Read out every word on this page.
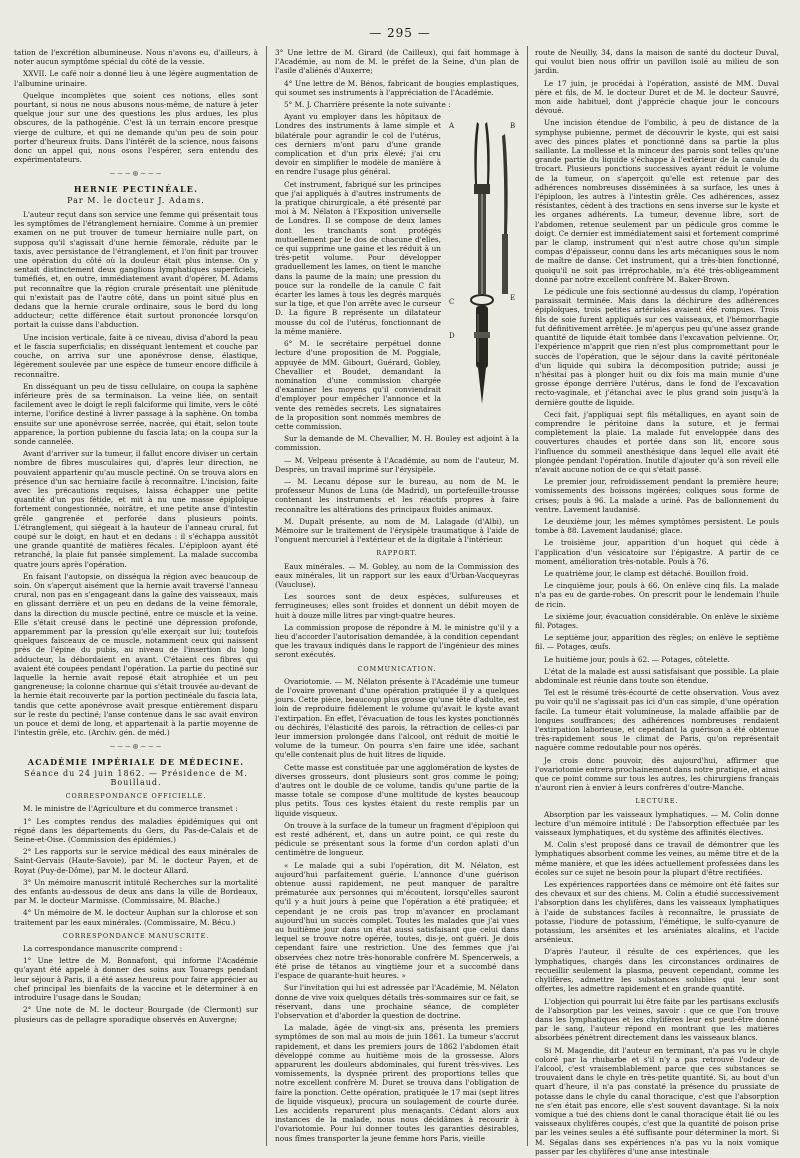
— 295 —

tation de l'excrétion albumineuse. Nous n'avons eu, d'ailleurs, à noter aucun symptôme spécial du côté de la vessie.

XXVII. Le café noir a donné lieu à une légère augmentation de l'albumine urinaire.

Quelque incomplètes que soient ces notions, elles sont pourtant, si nous ne nous abusons nous-même, de nature à jeter quelque jour sur une des questions les plus ardues, les plus obscures, de la pathogénie. C'est là un terrain encore presque vierge de culture, et qui ne demande qu'un peu de soin pour porter d'heureux fruits. Dans l'intérêt de la science, nous faisons donc un appel qui, nous osons l'espérer, sera entendu des expérimentateurs.

∼∼∼⊛∼∼∼
HERNIE PECTINÉALE.
Par M. le docteur J. Adams.

L'auteur reçut dans son service une femme qui présentait tous les symptômes de l'étranglement herniaire. Comme à un premier examen on ne put trouver de tumeur herniaire nulle part, on supposa qu'il s'agissait d'une hernie fémorale, réduite par le taxis, avec persistance de l'étranglement, et l'on finit par trouver une opération du côté où la douleur était plus intense. On y sentait distinctement deux ganglions lymphatiques superficiels, tuméfiés, et, en outre, immédiatement avant d'opérer, M. Adams put reconnaître que la région crurale présentait une plénitude qui n'existait pas de l'autre côté, dans un point situé plus en dedans que la hernie crurale ordinaire, sous le bord du long adducteur; cette différence était surtout prononcée lorsqu'on portait la cuisse dans l'abduction.

Une incision verticale, faite à ce niveau, divisa d'abord la peau et le fascia superficialis; en disséquant lentement et couche par couche, on arriva sur une aponévrose dense, élastique, légèrement soulevée par une espèce de tumeur encore difficile à reconnaître.

En disséquant un peu de tissu cellulaire, on coupa la saphène inférieure près de sa terminaison. La veine liée, on sentait facilement avec le doigt le repli falciforme qui limite, vers le côté interne, l'orifice destiné à livrer passage à la saphène. On tomba ensuite sur une aponévrose serrée, nacrée, qui était, selon toute apparence, la portion pubienne du fascia lata; on la coupa sur la sonde cannelée.

Avant d'arriver sur la tumeur, il fallut encore diviser un certain nombre de fibres musculaires qui, d'après leur direction, ne pouvaient appartenir qu'au muscle pectiné. On se trouva alors en présence d'un sac herniaire facile à reconnaître. L'incision, faite avec les précautions requises, laissa échapper une petite quantité d'un pus fétide, et mit à nu une masse épiploïque fortement congestionnée, noirâtre, et une petite anse d'intestin grêle gangrenée et perforée dans plusieurs points. L'étranglement, qui siégeait à la hauteur de l'anneau crural, fut coupé sur le doigt, en haut et en dedans : il s'échappa aussitôt une grande quantité de matières fécales. L'épiploon ayant été retranché, la plaie fut pansée simplement. La malade succomba quatre jours après l'opération.

En faisant l'autopsie, on disséqua la région avec beaucoup de soin. On s'aperçut aisément que la hernie avait traversé l'anneau crural, non pas en s'engageant dans la gaîne des vaisseaux, mais en glissant derrière et un peu en dedans de la veine fémorale, dans la direction du muscle pectiné, entre ce muscle et la veine. Elle s'était creusé dans le pectiné une dépression profonde, apparemment par la pression qu'elle exerçait sur lui; toutefois quelques faisceaux de ce muscle, notamment ceux qui naissent près de l'épine du pubis, au niveau de l'insertion du long adducteur, la débordaient en avant. C'étaient ces fibres qui avaient été coupées pendant l'opération. La partie du pectiné sur laquelle la hernie avait reposé était atrophiée et un peu gangreneuse; la colonne charnue qui s'était trouvée au-devant de la hernie était recouverte par la portion pectinéale du fascia lata, tandis que cette aponévrose avait presque entièrement disparu sur le reste du pectiné; l'anse contenue dans le sac avait environ un pouce et demi de long, et appartenait à la partie moyenne de l'intestin grêle, etc. (Archiv. gén. de méd.)

∼∼∼⊛∼∼∼
ACADÉMIE IMPÉRIALE DE MÉDECINE.
Séance du 24 juin 1862. — Présidence de M. Bouillaud.
CORRESPONDANCE OFFICIELLE.

M. le ministre de l'Agriculture et du commerce transmet :

1° Les comptes rendus des maladies épidémiques qui ont régné dans les départements du Gers, du Pas-de-Calais et de Seine-et-Oise. (Commission des épidémies.)

2° Les rapports sur le service médical des eaux minérales de Saint-Gervais (Haute-Savoie), par M. le docteur Payen, et de Royat (Puy-de-Dôme), par M. le docteur Allard.

3° Un mémoire manuscrit intitulé Recherches sur la mortalité des enfants au-dessous de deux ans dans la ville de Bordeaux, par M. le docteur Marmisse. (Commissaire, M. Blache.)

4° Un mémoire de M. le docteur Auphan sur la chlorose et son traitement par les eaux minérales. (Commissaire, M. Bécu.)

CORRESPONDANCE MANUSCRITE.

La correspondance manuscrite comprend :

1° Une lettre de M. Bonnafont, qui informe l'Académie qu'ayant été appelé à donner des soins aux Touaregs pendant leur séjour à Paris, il a été assez heureux pour faire apprécier au chef principal les bienfaits de la vaccine et le déterminer à en introduire l'usage dans le Soudan;

2° Une note de M. le docteur Bourgade (de Clermont) sur plusieurs cas de pellagre sporadique observés en Auvergne;

3° Une lettre de M. Girard (de Cailleux), qui fait hommage à l'Académie, au nom de M. le préfet de la Seine, d'un plan de l'asile d'aliénés d'Auxerre;

4° Une lettre de M. Bénos, fabricant de bougies emplastiques, qui soumet ses instruments à l'appréciation de l'Académie.

5° M. J. Charrière présente la note suivante :

A	B
C
D
E

Ayant vu employer dans les hôpitaux de Londres des instruments à lame simple et bilatérale pour agrandir le col de l'utérus, ces derniers m'ont paru d'une grande complication et d'un prix élevé; j'ai cru devoir en simplifier le modèle de manière à en rendre l'usage plus général.

Cet instrument, fabriqué sur les principes que j'ai appliqués à d'autres instruments de la pratique chirurgicale, a été présenté par moi à M. Nélaton à l'Exposition universelle de Londres. Il se compose de deux lames dont les tranchants sont protégés mutuellement par le dos de chacune d'elles, ce qui supprime une gaine et les réduit à un très-petit volume. Pour développer graduellement les lames, on tient le manche dans la paume de la main; une pression du pouce sur la rondelle de la canule C fait écarter les lames à tous les degrés marqués sur la tige, et que l'on arrête avec le curseur D. La figure B représente un dilatateur mousse du col de l'utérus, fonctionnant de la même manière.

6° M. le secrétaire perpétuel donne lecture d'une proposition de M. Poggiale, appuyée de MM. Gibourt, Guérard, Gobley, Chevallier et Boudet, demandant la nomination d'une commission chargée d'examiner les moyens qu'il conviendrait d'employer pour empêcher l'annonce et la vente des remèdes secrets. Les signataires de la proposition sont nommés membres de cette commission.

Sur la demande de M. Chevallier, M. H. Bouley est adjoint à la commission.

— M. Velpeau présente à l'Académie, au nom de l'auteur, M. Desprès, un travail imprimé sur l'érysipèle.

— M. Lecanu dépose sur le bureau, au nom de M. le professeur Munos de Luna (de Madrid), un portefeuille-trousse contenant les instruments et les réactifs propres à faire reconnaître les altérations des principaux fluides animaux.

M. Dupalt présente, au nom de M. Lalagade (d'Albi), un Mémoire sur le traitement de l'érysipèle traumatique à l'aide de l'onguent mercuriel à l'extérieur et de la digitale à l'intérieur.

RAPPORT.

Eaux minérales. — M. Gobley, au nom de la Commission des eaux minérales, lit un rapport sur les eaux d'Urban-Vacqueyras (Vaucluse).

Les sources sont de deux espèces, sulfureuses et ferrugineuses; elles sont froides et donnent un débit moyen de huit à douze mille litres par vingt-quatre heures.

La commission propose de répondre à M. le ministre qu'il y a lieu d'accorder l'autorisation demandée, à la condition cependant que les travaux indiqués dans le rapport de l'ingénieur des mines seront exécutés.

COMMUNICATION.

Ovariotomie. — M. Nélaton présente à l'Académie une tumeur de l'ovaire provenant d'une opération pratiquée il y a quelques jours. Cette pièce, beaucoup plus grosse qu'une tête d'adulte, est loin de reproduire fidèlement le volume qu'avait le kyste avant l'extirpation. En effet, l'évacuation de tous les kystes ponctionnés ou déchirés, l'élasticité des parois, la rétraction de celles-ci par leur immersion prolongée dans l'alcool, ont réduit de moitié le volume de la tumeur. On pourra s'en faire une idée, sachant qu'elle contenait plus de huit litres de liquide.

Cette masse est constituée par une agglomération de kystes de diverses grosseurs, dont plusieurs sont gros comme le poing; d'autres ont le double de ce volume, tandis qu'une partie de la masse totale se compose d'une multitude de kystes beaucoup plus petits. Tous ces kystes étaient du reste remplis par un liquide visqueux.

On trouve à la surface de la tumeur un fragment d'épiploon qui est resté adhérent, et, dans un autre point, ce qui reste du pédicule se présentant sous la forme d'un cordon aplati d'un centimètre de longueur.

« Le malade qui a subi l'opération, dit M. Nélaton, est aujourd'hui parfaitement guérie. L'annonce d'une guérison obtenue aussi rapidement, ne peut manquer de paraître prématurée aux personnes qui m'écoutent, lorsqu'elles sauront qu'il y a huit jours à peine que l'opération a été pratiquée; et cependant je ne crois pas trop m'avancer en proclamant aujourd'hui un succès complet. Toutes les malades que j'ai vues au huitième jour dans un état aussi satisfaisant que celui dans lequel se trouve notre opérée, toutes, dis-je, ont guéri. Je dois cependant faire une restriction. Une des femmes que j'ai observées chez notre très-honorable confrère M. Spencerwels, a été prise de tétanos au vingtième jour et a succombé dans l'espace de quarante-huit heures. »

Sur l'invitation qui lui est adressée par l'Académie, M. Nélaton donne de vive voix quelques détails très-sommaires sur ce fait, se réservant, dans une prochaine séance, de compléter l'observation et d'aborder la question de doctrine.

La malade, âgée de vingt-six ans, présenta les premiers symptômes de son mal au mois de juin 1861. La tumeur s'accrut rapidement, et dans les premiers jours de 1862 l'abdomen était développé comme au huitième mois de la grossesse. Alors apparurent les douleurs abdominales, qui furent très-vives. Les vomissements, la dyspnée prirent des proportions telles que notre excellent confrère M. Duret se trouva dans l'obligation de faire la ponction. Cette opération, pratiquée le 17 mai (sept litres de liquide visqueux), procura un soulagement de courte durée. Les accidents reparurent plus menaçants. Cédant alors aux instances de la malade, nous nous décidâmes à recourir à l'ovariotomie. Pour lui donner toutes les garanties désirables, nous fîmes transporter la jeune femme hors Paris, vieille

route de Neuilly, 34, dans la maison de santé du docteur Duval, qui voulut bien nous offrir un pavillon isolé au milieu de son jardin.

Le 17 juin, je procédai à l'opération, assisté de MM. Duval père et fils, de M. le docteur Duret et de M. le docteur Sauvré, mon aide habituel, dont j'apprécie chaque jour le concours dévoué.

Une incision étendue de l'ombilic, à peu de distance de la symphyse pubienne, permet de découvrir le kyste, qui est saisi avec des pinces plates et ponctionné dans sa partie la plus saillante. La mollesse et la minceur des parois sont telles qu'une grande partie du liquide s'échappe à l'extérieur de la canule du trocart. Plusieurs ponctions successives ayant réduit le volume de la tumeur, on s'aperçoit qu'elle est retenue par des adhérences nombreuses disséminées à sa surface, les unes à l'épiploon, les autres à l'intestin grêle. Ces adhérences, assez résistantes, cèdent à des tractions en sens inverse sur le kyste et les organes adhérents. La tumeur, devenue libre, sort de l'abdomen, retenue seulement par un pédicule gros comme le doigt. Ce dernier est immédiatement saisi et fortement comprimé par le clamp, instrument qui n'est autre chose qu'un simple compas d'épaisseur, connu dans les arts mécaniques sous le nom de maître de danse. Cet instrument, qui a très-bien fonctionné, quoiqu'il ne soit pas irréprochable, m'a été très-obligeamment donné par notre excellent confrère M. Baker-Brown.

Le pédicule une fois sectionné au-dessus du clamp, l'opération paraissait terminée. Mais dans la déchirure des adhérences épiploïques, trois petites artérioles avaient été rompues. Trois fils de soie furent appliqués sur ces vaisseaux, et l'hémorrhagie fut définitivement arrêtée. Je m'aperçus peu qu'une assez grande quantité de liquide était tombée dans l'excavation pelvienne. Or, l'expérience m'apprit que rien n'est plus compromettant pour le succès de l'opération, que le séjour dans la cavité péritonéale d'un liquide qui subira la décomposition putride; aussi je n'hésitai pas à plonger huit ou dix fois ma main munie d'une grosse éponge derrière l'utérus, dans le fond de l'excavation recto-vaginale, et j'étanchai avec le plus grand soin jusqu'à la dernière goutte de liquide.

Ceci fait, j'appliquai sept fils métalliques, en ayant soin de comprendre le péritoine dans la suture, et je fermai complètement la plaie. La malade fut enveloppée dans des couvertures chaudes et portée dans son lit, encore sous l'influence du sommeil anesthésique dans lequel elle avait été plongée pendant l'opération. Inutile d'ajouter qu'à son réveil elle n'avait aucune notion de ce qui s'était passé.

Le premier jour, refroidissement pendant la première heure; vomissements des boissons ingérées; coliques sous forme de crises; pouls à 96. La malade a uriné. Pas de ballonnement du ventre. Lavement laudanisé.

Le deuxième jour, les mêmes symptômes persistent. Le pouls tombe à 88. Lavement laudanisé; glace.

Le troisième jour, apparition d'un hoquet qui cède à l'application d'un vésicatoire sur l'épigastre. A partir de ce moment, amélioration très-notable. Pouls à 76.

Le quatrième jour, le clamp est détaché. Bouillon froid.

Le cinquième jour, pouls à 66. On enlève cinq fils. La malade n'a pas eu de garde-robes. On prescrit pour le lendemain l'huile de ricin.

Le sixième jour, évacuation considérable. On enlève le sixième fil. Potages.

Le septième jour, apparition des règles; on enlève le septième fil. — Potages, œufs.

Le huitième jour, pouls à 62. — Potages, côtelette.

L'état de la malade est aussi satisfaisant que possible. La plaie abdominale est réunie dans toute son étendue.

Tel est le résumé très-écourté de cette observation. Vous avez pu voir qu'il ne s'agissait pas ici d'un cas simple, d'une opération facile. La tumeur était volumineuse, la malade affaiblie par de longues souffrances; des adhérences nombreuses rendaient l'extirpation laborieuse, et cependant la guérison a été obtenue très-rapidement sous le climat de Paris, qu'on représentait naguère comme redoutable pour nos opérés.

Je crois donc pouvoir, dès aujourd'hui, affirmer que l'ovariotomie entrera prochainement dans notre pratique, et ainsi que ce point comme sur tous les autres, les chirurgiens français n'auront rien à envier à leurs confrères d'outre-Manche.

LECTURE.

Absorption par les vaisseaux lymphatiques. — M. Colin donne lecture d'un mémoire intitulé : De l'absorption effectuée par les vaisseaux lymphatiques, et du système des affinités électives.

M. Colin s'est proposé dans ce travail de démontrer que les lymphatiques absorbent comme les veines, au même titre et de la même manière, et que les idées actuellement professées dans les écoles sur ce sujet ne besoin pour la plupart d'être rectifiées.

Les expériences rapportées dans ce mémoire ont été faites sur des chevaux et sur des chiens. M. Colin a étudié successivement l'absorption dans les chylifères, dans les vaisseaux lymphatiques à l'aide de substances faciles à reconnaître, le prussiate de potasse, l'iodure de potassium, l'émétique, le sulfo-cyanure de potassium, les arsénites et les arséniates alcalins, et l'acide arsénieux.

D'après l'auteur, il résulte de ces expériences, que les lymphatiques, chargés dans les circonstances ordinaires de recueillir seulement la plasma, peuvent cependant, comme les chylifères, admettre les substances solubles qui leur sont offertes, les admettre rapidement et en grande quantité.

L'objection qui pourrait lui être faite par les partisans exclusifs de l'absorption par les veines, savoir : que ce que l'on trouve dans les lymphatiques et les chylifères leur est peut-être donné par le sang, l'auteur répond en montrant que les matières absorbées pénètrent directement dans les vaisseaux blancs.

Si M. Magendie, dit l'auteur en terminant, n'a pas vu le chyle coloré par la rhubarbe et s'il n'y a pas retrouvé l'odeur de l'alcool, c'est vraisemblablement parce que ces substances se trouvaient dans le chyle en très-petite quantité. Si, au bout d'un quart d'heure, il n'a pas constaté la présence du prussiate de potasse dans le chyle du canal thoracique, c'est que l'absorption ne s'en était pas encore, elle s'est souvent davantage. Si la noix vomique a tué des chiens dont le canal thoracique était lié ou les vaisseaux chylifères coupés, c'est que la quantité de poison prise par les veines seules a été suffisante pour déterminer la mort. Si M. Ségalas dans ses expériences n'a pas vu la noix vomique passer par les chylifères d'une anse intestinale
